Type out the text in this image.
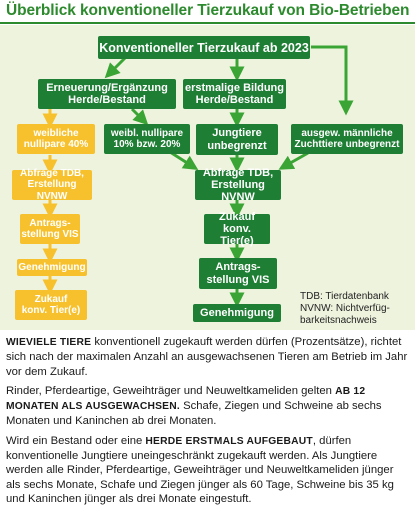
Überblick konventioneller Tierzukauf von Bio-Betrieben
Konventioneller Tierzukauf ab 2023
Erneuerung/Ergänzung
Herde/Bestand
erstmalige Bildung
Herde/Bestand
weibliche
nullipare 40%
weibl. nullipare
10% bzw. 20%
Jungtiere
unbegrenzt
ausgew. männliche
Zuchttiere unbegrenzt
Abfrage TDB,
Erstellung NVNW
Abfrage TDB,
Erstellung NVNW
Antrags-
stellung VIS
Zukauf konv.
Tier(e)
Genehmigung	Antrags-
stellung VIS
Zukauf
konv. Tier(e)	Genehmigung
TDB: Tierdatenbank
NVNW: Nichtverfüg-
barkeitsnachweis

WIEVIELE TIERE konventionell zugekauft werden dürfen (Prozentsätze), richtet sich nach der maximalen Anzahl an ausgewachsenen Tieren am Betrieb im Jahr vor dem Zukauf.

Rinder, Pferdeartige, Geweihträger und Neuweltkameliden gelten AB 12 MONATEN ALS AUSGEWACHSEN. Schafe, Ziegen und Schweine ab sechs Monaten und Kaninchen ab drei Monaten.

Wird ein Bestand oder eine HERDE ERSTMALS AUFGEBAUT, dürfen konventionelle Jungtiere uneingeschränkt zugekauft werden. Als Jungtiere werden alle Rinder, Pferdeartige, Geweihträger und Neuweltkameliden jünger als sechs Monate, Schafe und Ziegen jünger als 60 Tage, Schweine bis 35 kg und Kaninchen jünger als drei Monate eingestuft.
